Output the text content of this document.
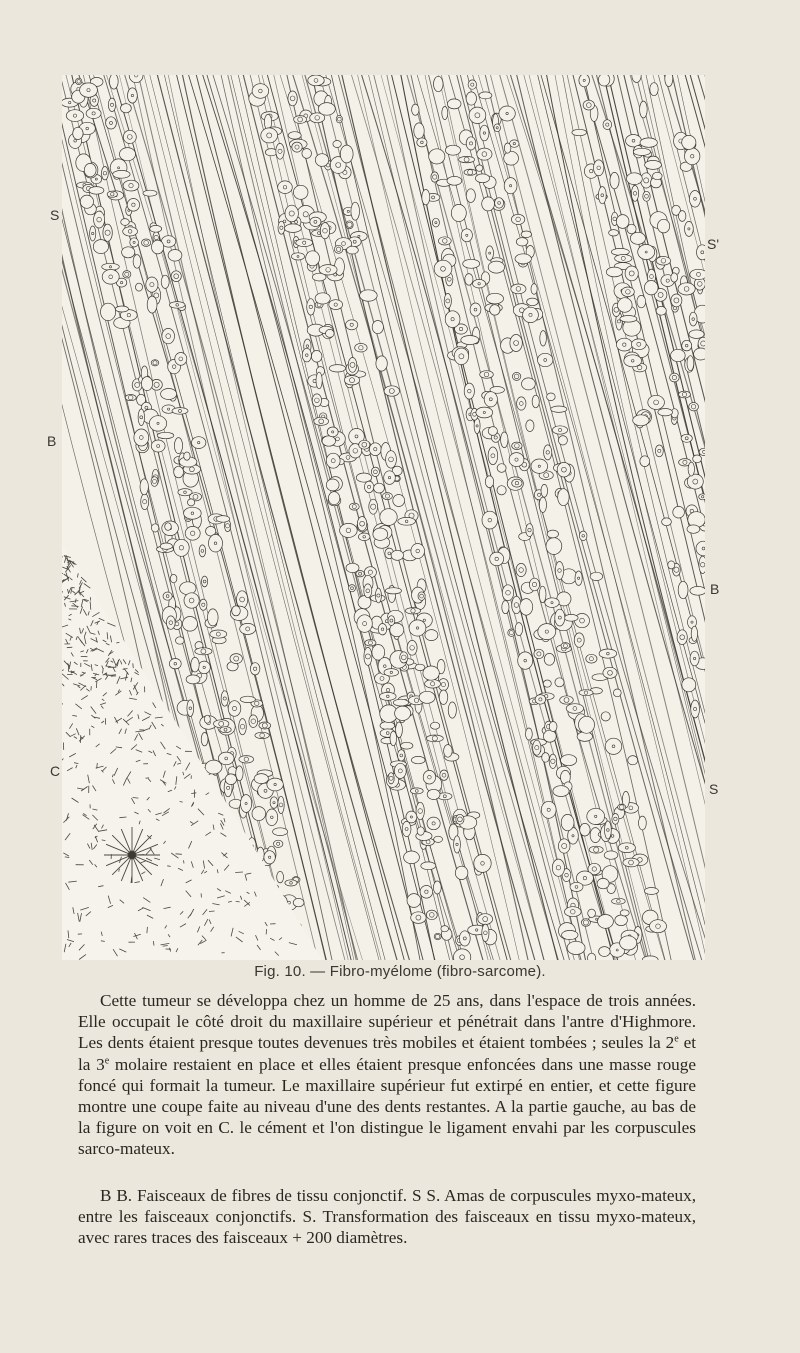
S
S'
B
B
C
S
Fig. 10. — Fibro-myélome (fibro-sarcome).

Cette tumeur se développa chez un homme de 25 ans, dans l'espace de trois années. Elle occupait le côté droit du maxillaire supérieur et pénétrait dans l'antre d'Highmore. Les dents étaient presque toutes devenues très mobiles et étaient tombées ; seules la 2e et la 3e molaire restaient en place et elles étaient presque enfoncées dans une masse rouge foncé qui formait la tumeur. Le maxillaire supérieur fut extirpé en entier, et cette figure montre une coupe faite au niveau d'une des dents restantes. A la partie gauche, au bas de la figure on voit en C. le cément et l'on distingue le ligament envahi par les corpuscules sarco-mateux.

B B. Faisceaux de fibres de tissu conjonctif. S S. Amas de corpuscules myxo-mateux, entre les faisceaux conjonctifs. S. Transformation des faisceaux en tissu myxo-mateux, avec rares traces des faisceaux + 200 diamètres.
